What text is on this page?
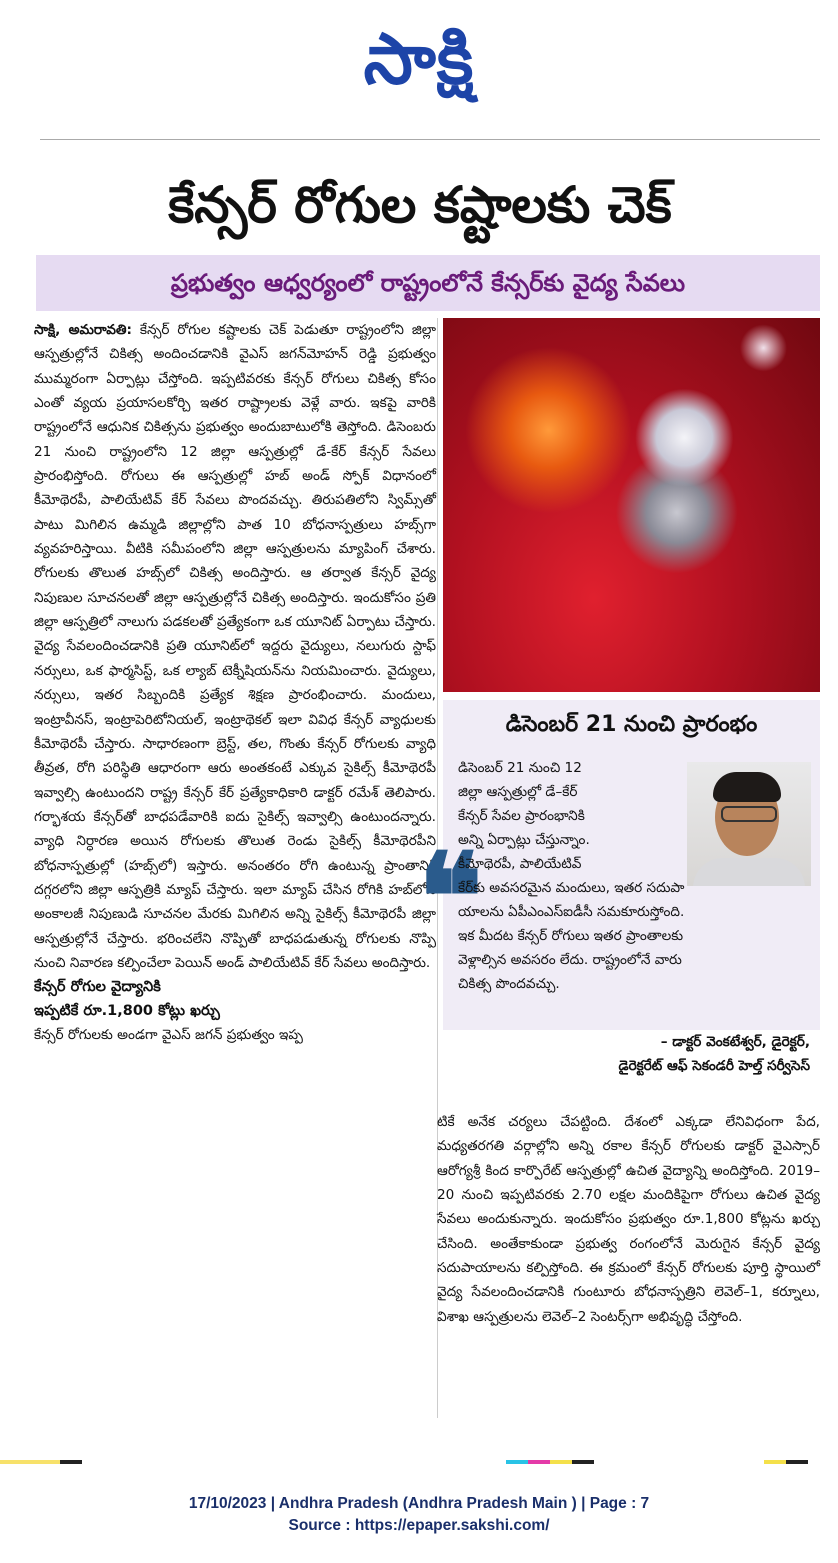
సాక్షి
కేన్సర్ రోగుల కష్టాలకు చెక్
ప్రభుత్వం ఆధ్వర్యంలో రాష్ట్రంలోనే కేన్సర్‌కు వైద్య సేవలు

సాక్షి, అమరావతి: కేన్సర్ రోగుల కష్టాలకు చెక్ పెడుతూ రాష్ట్రంలోని జిల్లా ఆస్పత్రుల్లోనే చికిత్స అందించడానికి వైఎస్ జగన్‌మోహన్ రెడ్డి ప్రభుత్వం ముమ్మరంగా ఏర్పాట్లు చేస్తోంది. ఇప్పటివరకు కేన్సర్ రోగులు చికిత్స కోసం ఎంతో వ్యయ ప్రయాసలకోర్చి ఇతర రాష్ట్రాలకు వెళ్లే వారు. ఇకపై వారికి రాష్ట్రంలోనే ఆధునిక చికిత్సను ప్రభుత్వం అందుబాటులోకి తెస్తోంది. డిసెంబరు 21 నుంచి రాష్ట్రంలోని 12 జిల్లా ఆస్పత్రుల్లో డే-కేర్ కేన్సర్ సేవలు ప్రారంభిస్తోంది. రోగులు ఈ ఆస్పత్రుల్లో హబ్ అండ్ స్పోక్ విధానంలో కీమోథెరపీ, పాలియేటివ్ కేర్ సేవలు పొందవచ్చు. తిరుపతిలోని స్విమ్స్‌తో పాటు మిగిలిన ఉమ్మడి జిల్లాల్లోని పాత 10 బోధనాస్పత్రులు హబ్స్‌గా వ్యవహరిస్తాయి. వీటికి సమీపంలోని జిల్లా ఆస్పత్రులను మ్యాపింగ్ చేశారు. రోగులకు తొలుత హబ్స్‌లో చికిత్స అందిస్తారు. ఆ తర్వాత కేన్సర్ వైద్య నిపుణుల సూచనలతో జిల్లా ఆస్పత్రుల్లోనే చికిత్స అందిస్తారు. ఇందుకోసం ప్రతి జిల్లా ఆస్పత్రిలో నాలుగు పడకలతో ప్రత్యేకంగా ఒక యూనిట్ ఏర్పాటు చేస్తారు. వైద్య సేవలందించడానికి ప్రతి యూనిట్‌లో ఇద్దరు వైద్యులు, నలుగురు స్టాఫ్ నర్సులు, ఒక ఫార్మసిస్ట్, ఒక ల్యాబ్ టెక్నీషియన్‌ను నియమించారు. వైద్యులు, నర్సులు, ఇతర సిబ్బందికి ప్రత్యేక శిక్షణ ప్రారంభించారు. మందులు, ఇంట్రావీనస్, ఇంట్రాపెరిటోనియల్, ఇంట్రాథెకల్ ఇలా వివిధ కేన్సర్ వ్యాధులకు కీమోథెరపీ చేస్తారు. సాధారణంగా బ్రెస్ట్, తల, గొంతు కేన్సర్ రోగులకు వ్యాధి తీవ్రత, రోగి పరిస్థితి ఆధారంగా ఆరు అంతకంటే ఎక్కువ సైకిల్స్ కీమోథెరపీ ఇవ్వాల్సి ఉంటుందని రాష్ట్ర కేన్సర్ కేర్ ప్రత్యేకాధికారి డాక్టర్ రమేశ్ తెలిపారు. గర్భాశయ కేన్సర్‌తో బాధపడేవారికి ఐదు సైకిల్స్ ఇవ్వాల్సి ఉంటుందన్నారు. వ్యాధి నిర్ధారణ అయిన రోగులకు తొలుత రెండు సైకిల్స్ కీమోథెరపీని బోధనాస్పత్రుల్లో (హబ్స్‌లో) ఇస్తారు. అనంతరం రోగి ఉంటున్న ప్రాంతానికి దగ్గరలోని జిల్లా ఆస్పత్రికి మ్యాప్ చేస్తారు. ఇలా మ్యాప్ చేసిన రోగికి హబ్‌లోని అంకాలజీ నిపుణుడి సూచనల మేరకు మిగిలిన అన్ని సైకిల్స్ కీమోథెరపీ జిల్లా ఆస్పత్రుల్లోనే చేస్తారు. భరించలేని నొప్పితో బాధపడుతున్న రోగులకు నొప్పి నుంచి నివారణ కల్పించేలా పెయిన్ అండ్ పాలియేటివ్ కేర్ సేవలు అందిస్తారు.

కేన్సర్ రోగుల వైద్యానికి
ఇప్పటికే రూ.1,800 కోట్లు ఖర్చు

కేన్సర్ రోగులకు అండగా వైఎస్ జగన్ ప్రభుత్వం ఇప్ప

డిసెంబర్ 21 నుంచి ప్రారంభం
❝
డిసెంబర్ 21 నుంచి 12
జిల్లా ఆస్పత్రుల్లో డే–కేర్
కేన్సర్ సేవల ప్రారంభానికి
అన్ని ఏర్పాట్లు చేస్తున్నాం.
కీమోథెరపీ, పాలియేటివ్
కేర్‌కు అవసరమైన మందులు, ఇతర సదుపా
యాలను ఏపీఎంఎస్ఐడీసీ సమకూరుస్తోంది.
ఇక మీదట కేన్సర్ రోగులు ఇతర ప్రాంతాలకు
వెళ్లాల్సిన అవసరం లేదు. రాష్ట్రంలోనే వారు
చికిత్స పొందవచ్చు.
– డాక్టర్ వెంకటేశ్వర్, డైరెక్టర్,
డైరెక్టరేట్ ఆఫ్ సెకండరీ హెల్త్ సర్వీసెస్

టికే అనేక చర్యలు చేపట్టింది. దేశంలో ఎక్కడా లేనివిధంగా పేద, మధ్యతరగతి వర్గాల్లోని అన్ని రకాల కేన్సర్ రోగులకు డాక్టర్ వైఎస్సార్ ఆరోగ్యశ్రీ కింద కార్పొరేట్ ఆస్పత్రుల్లో ఉచిత వైద్యాన్ని అందిస్తోంది. 2019–20 నుంచి ఇప్పటివరకు 2.70 లక్షల మందికిపైగా రోగులు ఉచిత వైద్య సేవలు అందుకున్నారు. ఇందుకోసం ప్రభుత్వం రూ.1,800 కోట్లను ఖర్చు చేసింది. అంతేకాకుండా ప్రభుత్వ రంగంలోనే మెరుగైన కేన్సర్ వైద్య సదుపాయాలను కల్పిస్తోంది. ఈ క్రమంలో కేన్సర్ రోగులకు పూర్తి స్థాయిలో వైద్య సేవలందించడానికి గుంటూరు బోధనాస్పత్రిని లెవెల్–1, కర్నూలు, విశాఖ ఆస్పత్రులను లెవెల్–2 సెంటర్స్‌గా అభివృద్ధి చేస్తోంది.

17/10/2023 | Andhra Pradesh (Andhra Pradesh Main ) | Page : 7
Source : https://epaper.sakshi.com/
